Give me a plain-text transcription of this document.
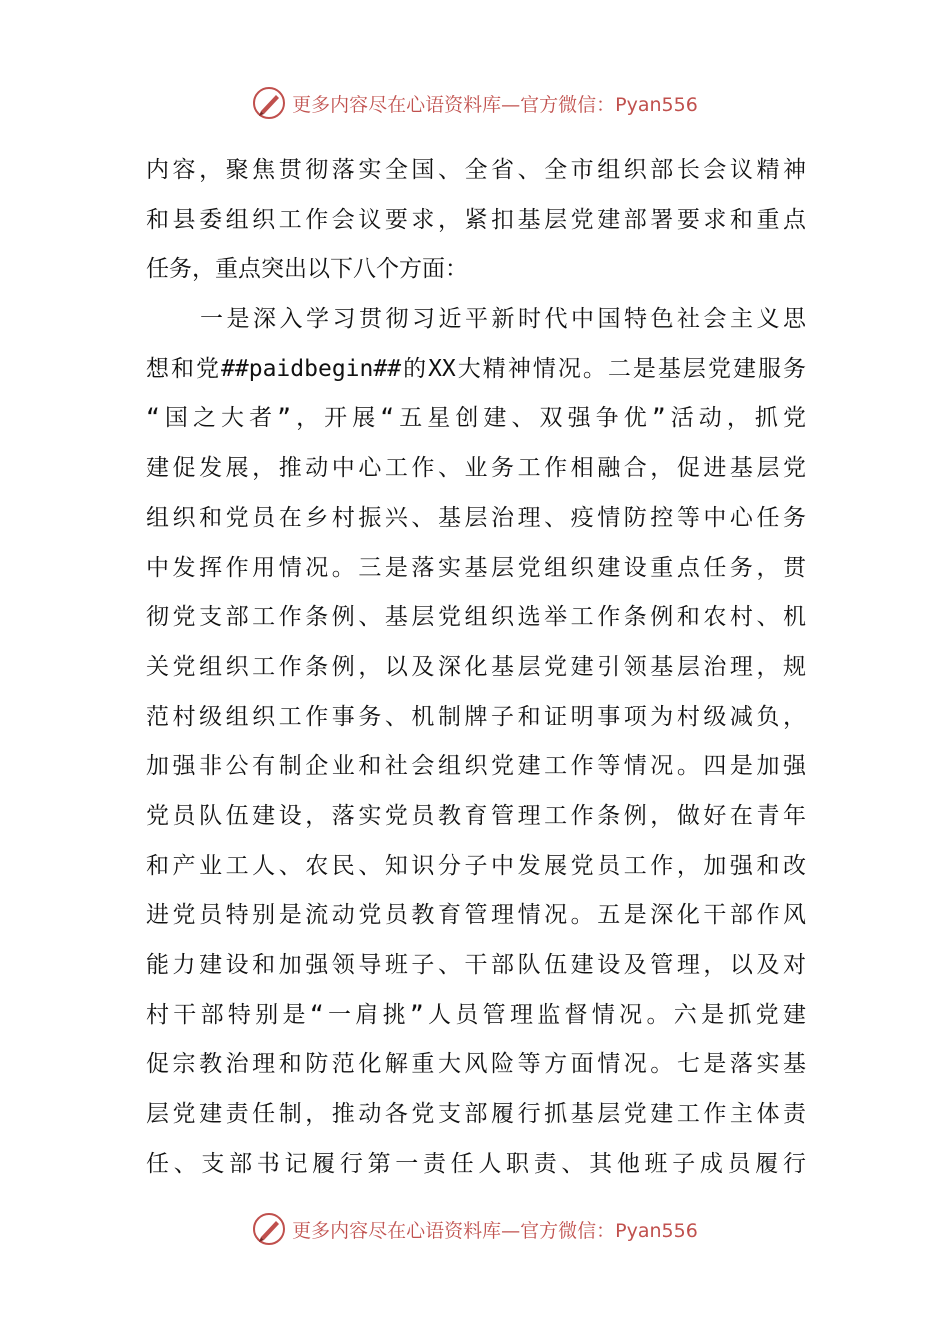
更多内容尽在心语资料库— 官方微信：Pyan556
内容，聚焦贯彻落实全国、全省、全市组织部长会议精神
和县委组织工作会议要求，紧扣基层党建部署要求和重点
任务，重点突出以下八个方面：
一是深入学习贯彻习近平新时代中国特色社会主义思
想和党##paidbegin##的XX大精神情况。二是基层党建服务
“国之大者”，开展“五星创建、双强争优”活动，抓党
建促发展，推动中心工作、业务工作相融合，促进基层党
组织和党员在乡村振兴、基层治理、疫情防控等中心任务
中发挥作用情况。三是落实基层党组织建设重点任务，贯
彻党支部工作条例、基层党组织选举工作条例和农村、机
关党组织工作条例，以及深化基层党建引领基层治理，规
范村级组织工作事务、机制牌子和证明事项为村级减负，
加强非公有制企业和社会组织党建工作等情况。四是加强
党员队伍建设，落实党员教育管理工作条例，做好在青年
和产业工人、农民、知识分子中发展党员工作，加强和改
进党员特别是流动党员教育管理情况。五是深化干部作风
能力建设和加强领导班子、干部队伍建设及管理，以及对
村干部特别是“一肩挑”人员管理监督情况。六是抓党建
促宗教治理和防范化解重大风险等方面情况。七是落实基
层党建责任制，推动各党支部履行抓基层党建工作主体责
任、支部书记履行第一责任人职责、其他班子成员履行
更多内容尽在心语资料库— 官方微信：Pyan556
